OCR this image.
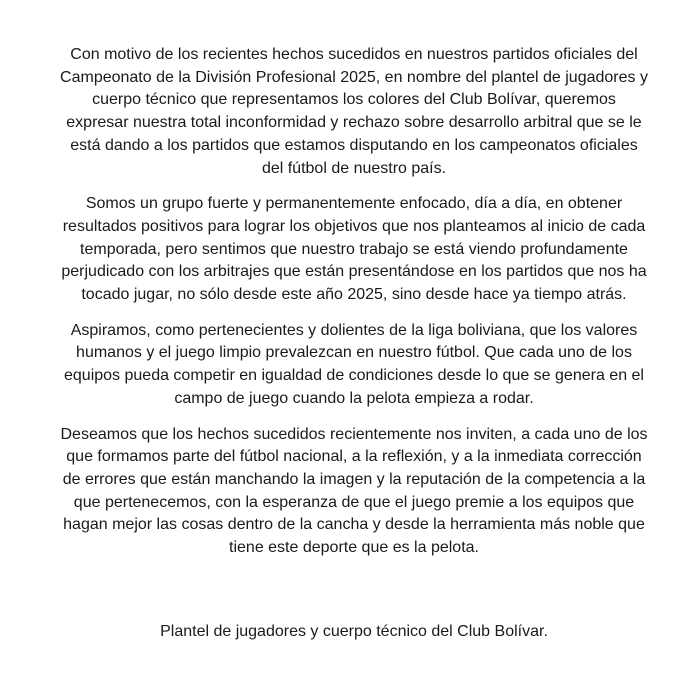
Con motivo de los recientes hechos sucedidos en nuestros partidos oficiales del
Campeonato de la División Profesional 2025, en nombre del plantel de jugadores y
cuerpo técnico que representamos los colores del Club Bolívar, queremos
expresar nuestra total inconformidad y rechazo sobre desarrollo arbitral que se le
está dando a los partidos que estamos disputando en los campeonatos oficiales
del fútbol de nuestro país.

Somos un grupo fuerte y permanentemente enfocado, día a día, en obtener
resultados positivos para lograr los objetivos que nos planteamos al inicio de cada
temporada, pero sentimos que nuestro trabajo se está viendo profundamente
perjudicado con los arbitrajes que están presentándose en los partidos que nos ha
tocado jugar, no sólo desde este año 2025, sino desde hace ya tiempo atrás.

Aspiramos, como pertenecientes y dolientes de la liga boliviana, que los valores
humanos y el juego limpio prevalezcan en nuestro fútbol. Que cada uno de los
equipos pueda competir en igualdad de condiciones desde lo que se genera en el
campo de juego cuando la pelota empieza a rodar.

Deseamos que los hechos sucedidos recientemente nos inviten, a cada uno de los
que formamos parte del fútbol nacional, a la reflexión, y a la inmediata corrección
de errores que están manchando la imagen y la reputación de la competencia a la
que pertenecemos, con la esperanza de que el juego premie a los equipos que
hagan mejor las cosas dentro de la cancha y desde la herramienta más noble que
tiene este deporte que es la pelota.

Plantel de jugadores y cuerpo técnico del Club Bolívar.
